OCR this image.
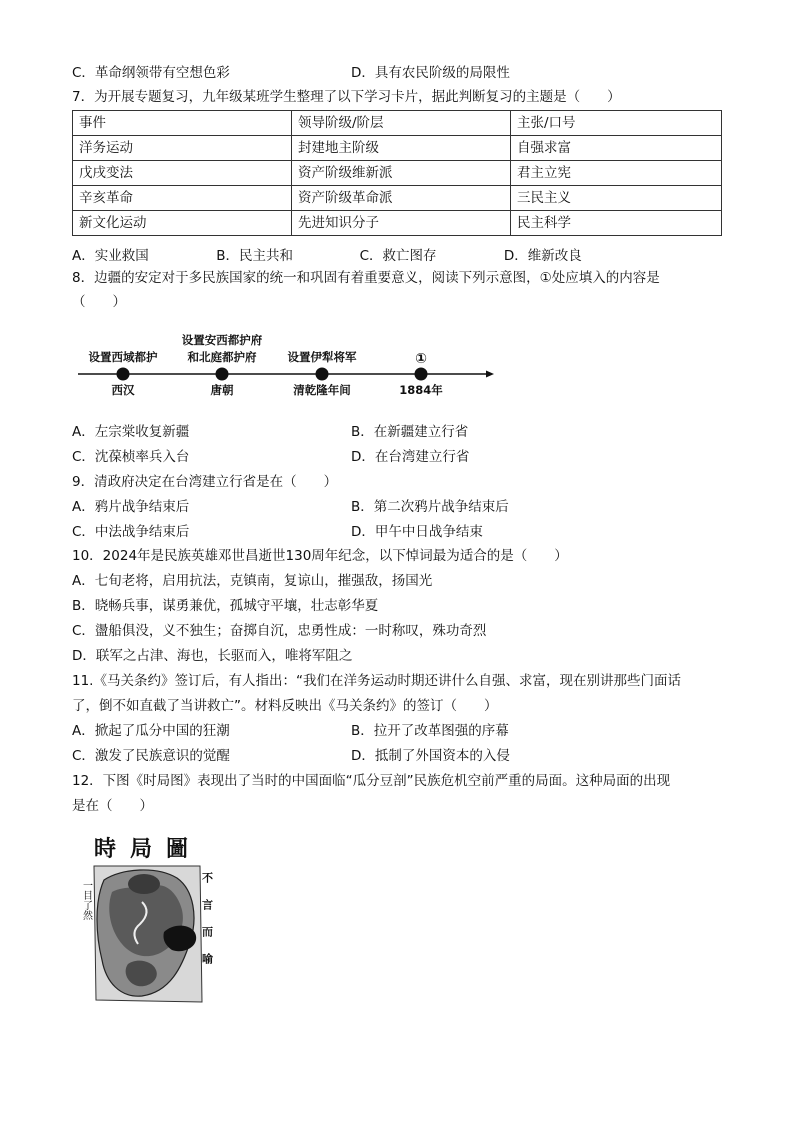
C．革命纲领带有空想色彩	D．具有农民阶级的局限性
7．为开展专题复习，九年级某班学生整理了以下学习卡片，据此判断复习的主题是（　　）
事件	领导阶级/阶层	主张/口号
洋务运动	封建地主阶级	自强求富
戊戌变法	资产阶级维新派	君主立宪
辛亥革命	资产阶级革命派	三民主义
新文化运动	先进知识分子	民主科学
A．实业救国	B．民主共和	C．救亡图存	D．维新改良
8．边疆的安定对于多民族国家的统一和巩固有着重要意义，阅读下列示意图，①处应填入的内容是
（　　）
设置西域都护
设置安西都护府
和北庭都护府	设置伊犁将军	①
西汉	唐朝	清乾隆年间	1884年
A．左宗棠收复新疆	B．在新疆建立行省
C．沈葆桢率兵入台	D．在台湾建立行省
9．清政府决定在台湾建立行省是在（　　）
A．鸦片战争结束后	B．第二次鸦片战争结束后
C．中法战争结束后	D．甲午中日战争结束
10．2024年是民族英雄邓世昌逝世130周年纪念，以下悼词最为适合的是（　　）
A．七旬老将，启用抗法，克镇南，复谅山，摧强敌，扬国光
B．晓畅兵事，谋勇兼优，孤城守平壤，壮志彰华夏
C．盪船俱没，义不独生；奋掷自沉，忠勇性成：一时称叹，殊功奇烈
D．联军之占津、海也，长驱而入，唯将军阻之
11.《马关条约》签订后，有人指出：“我们在洋务运动时期还讲什么自强、求富，现在别讲那些门面话
了，倒不如直截了当讲救亡”。材料反映出《马关条约》的签订（　　）
A．掀起了瓜分中国的狂潮	B．拉开了改革图强的序幕
C．激发了民族意识的觉醒	D．抵制了外国资本的入侵
12．下图《时局图》表现出了当时的中国面临“瓜分豆剖”民族危机空前严重的局面。这种局面的出现
是在（　　）
時局圖
一目了然	不言而喻
